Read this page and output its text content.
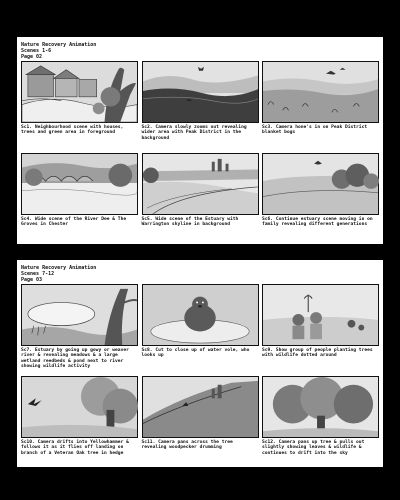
Nature Recovery Animation
Scenes 1-6
Page 02
Sc1. Neighbourhood scene with houses, trees and green area in foreground
Sc2. Camera slowly zooms out revealing wider area with Peak District in the background
Sc3. Camera hone's in on Peak District blanket bogs
Sc4. Wide scene of the River Dee & The Groves in Chester
Sc5. Wide scene of the Estuary with Warrington skyline in background
Sc6. Continue estuary scene moving in on family revealing different generations
Nature Recovery Animation
Scenes 7-12
Page 03
Sc7. Estuary by going up gowy or weaver river & revealing meadows & a large wetland reedbeds & pond next to river showing wildlife activity
Sc8. Cut to close up of water vole, who looks up
Sc9. Show group of people planting trees with wildlife dotted around
Sc10. Camera drifts into Yellowhammer & follows it as it flies off landing on branch of a Veteran Oak tree in hedge
Sc11. Camera pans across the tree revealing woodpecker drumming
Sc12. Camera pans up tree & pulls out slightly showing leaves & wildlife & continues to drift into the sky
